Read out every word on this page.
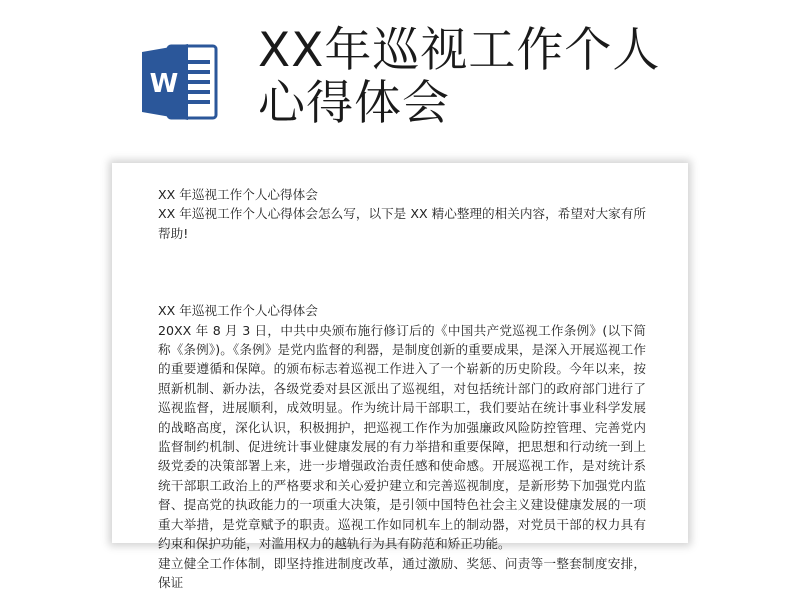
W
XX年巡视工作个人
心得体会

XX 年巡视工作个人心得体会

XX 年巡视工作个人心得体会怎么写，以下是 XX 精心整理的相关内容，希望对大家有所帮助!

XX 年巡视工作个人心得体会

20XX 年 8 月 3 日，中共中央颁布施行修订后的《中国共产党巡视工作条例》(以下简称《条例》)。《条例》是党内监督的利器，是制度创新的重要成果，是深入开展巡视工作的重要遵循和保障。的颁布标志着巡视工作进入了一个崭新的历史阶段。今年以来，按照新机制、新办法，各级党委对县区派出了巡视组，对包括统计部门的政府部门进行了巡视监督，进展顺利，成效明显。作为统计局干部职工，我们要站在统计事业科学发展的战略高度，深化认识，积极拥护，把巡视工作作为加强廉政风险防控管理、完善党内监督制约机制、促进统计事业健康发展的有力举措和重要保障，把思想和行动统一到上级党委的决策部署上来，进一步增强政治责任感和使命感。开展巡视工作，是对统计系统干部职工政治上的严格要求和关心爱护建立和完善巡视制度，是新形势下加强党内监督、提高党的执政能力的一项重大决策，是引领中国特色社会主义建设健康发展的一项重大举措，是党章赋予的职责。巡视工作如同机车上的制动器，对党员干部的权力具有约束和保护功能，对滥用权力的越轨行为具有防范和矫正功能。

建立健全工作体制，即坚持推进制度改革，通过激励、奖惩、问责等一整套制度安排，保证
